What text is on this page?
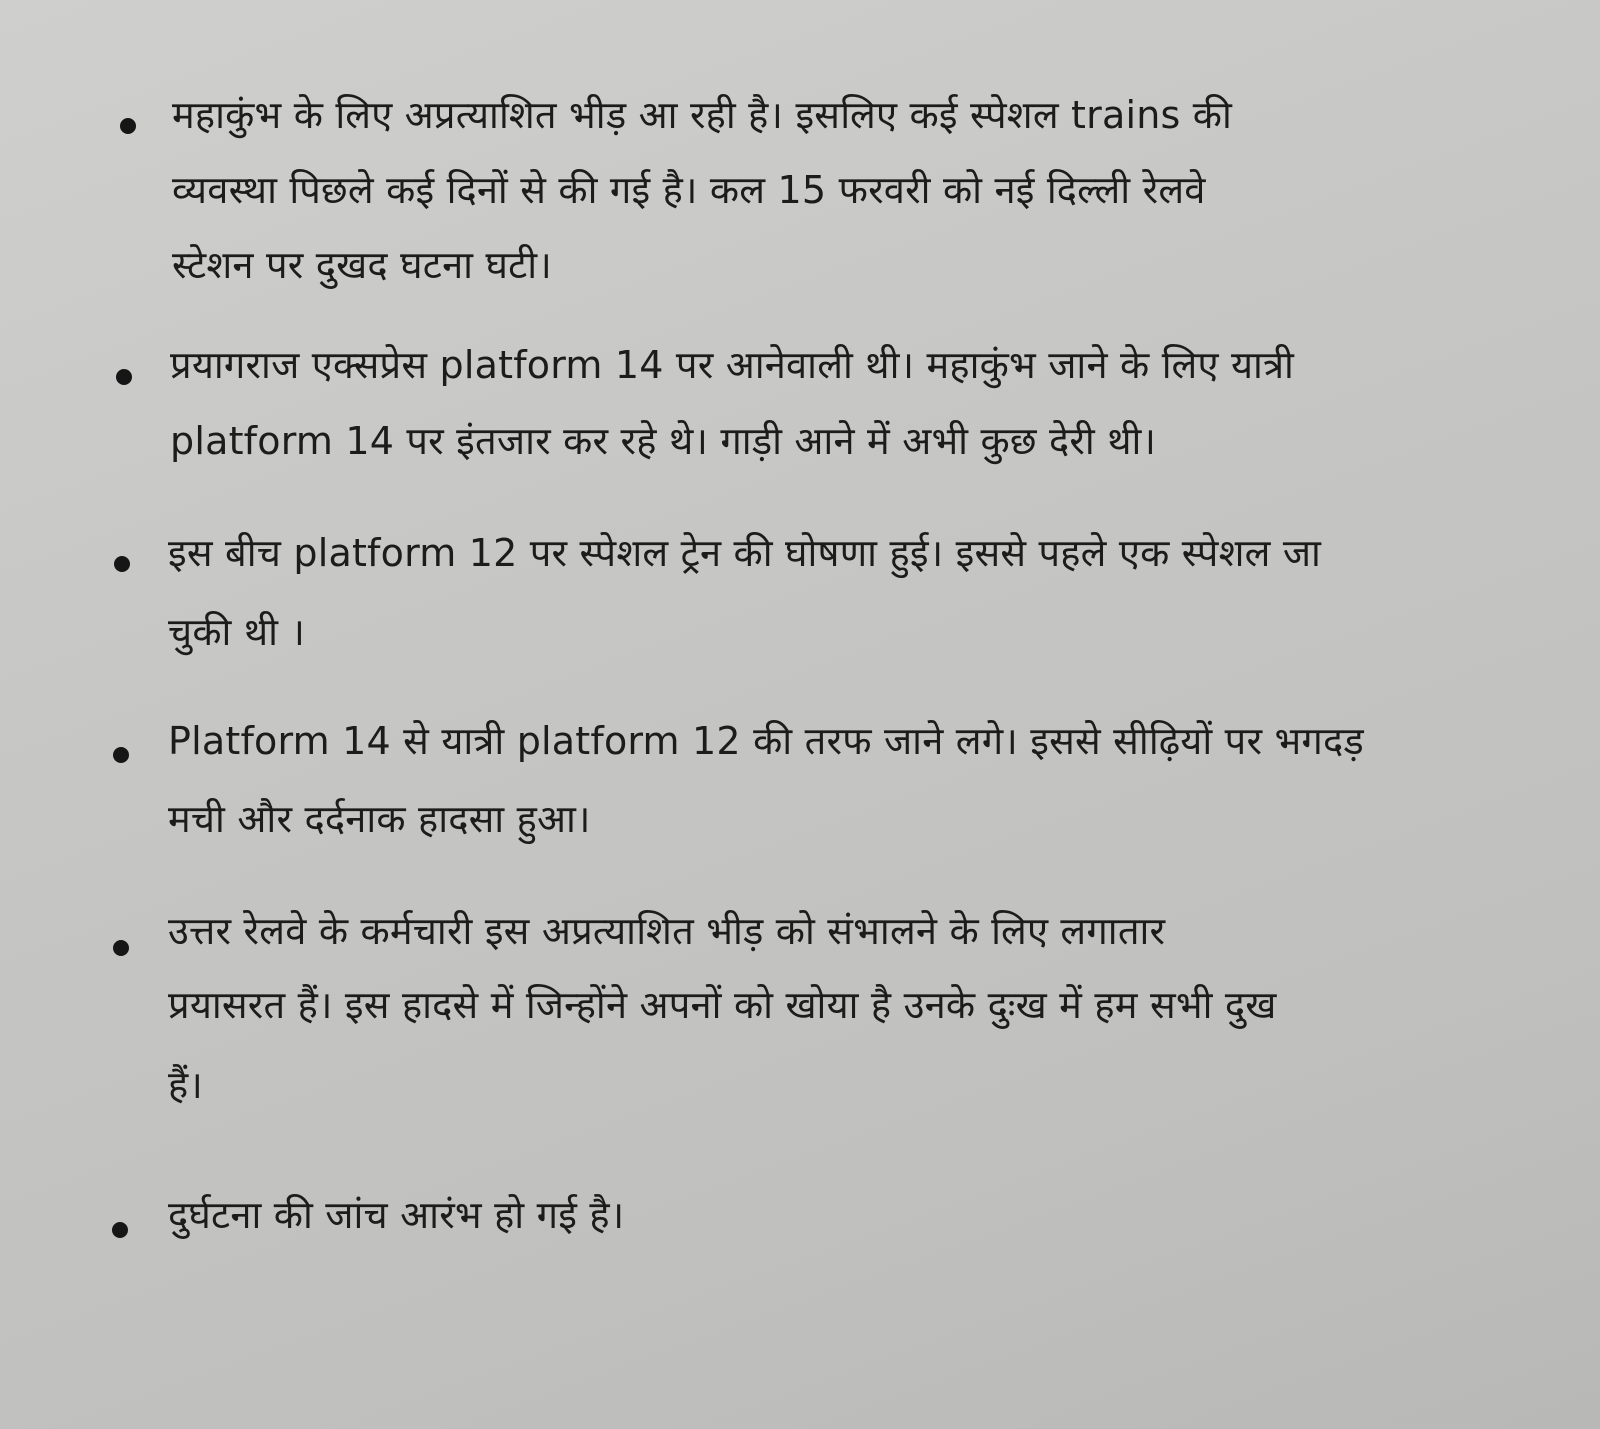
महाकुंभ के लिए अप्रत्याशित भीड़ आ रही है। इसलिए कई स्पेशल trains की
व्यवस्था पिछले कई दिनों से की गई है। कल 15 फरवरी को नई दिल्ली रेलवे
स्टेशन पर दुखद घटना घटी।
प्रयागराज एक्सप्रेस platform 14 पर आनेवाली थी। महाकुंभ जाने के लिए यात्री
platform 14 पर इंतजार कर रहे थे। गाड़ी आने में अभी कुछ देरी थी।
इस बीच platform 12 पर स्पेशल ट्रेन की घोषणा हुई। इससे पहले एक स्पेशल जा
चुकी थी ।
Platform 14 से यात्री platform 12 की तरफ जाने लगे। इससे सीढ़ियों पर भगदड़
मची और दर्दनाक हादसा हुआ।
उत्तर रेलवे के कर्मचारी इस अप्रत्याशित भीड़ को संभालने के लिए लगातार
प्रयासरत हैं। इस हादसे में जिन्होंने अपनों को खोया है उनके दुःख में हम सभी दुख
हैं।
दुर्घटना की जांच आरंभ हो गई है।
